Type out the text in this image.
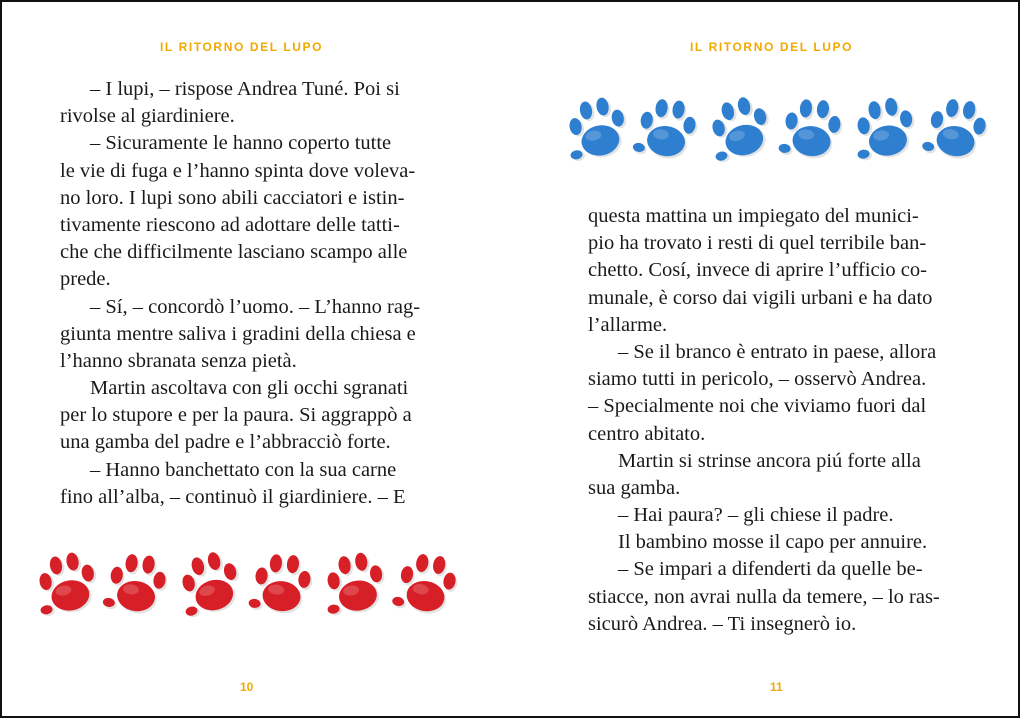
IL RITORNO DEL LUPO
– I lupi, – rispose Andrea Tuné. Poi si
rivolse al giardiniere.
– Sicuramente le hanno coperto tutte
le vie di fuga e l’hanno spinta dove voleva-
no loro. I lupi sono abili cacciatori e istin-
tivamente riescono ad adottare delle tatti-
che che difficilmente lasciano scampo alle
prede.
– Sí, – concordò l’uomo. – L’hanno rag-
giunta mentre saliva i gradini della chiesa e
l’hanno sbranata senza pietà.
Martin ascoltava con gli occhi sgranati
per lo stupore e per la paura. Si aggrappò a
una gamba del padre e l’abbracciò forte.
– Hanno banchettato con la sua carne
fino all’alba, – continuò il giardiniere. – E
10
IL RITORNO DEL LUPO
questa mattina un impiegato del munici-
pio ha trovato i resti di quel terribile ban-
chetto. Cosí, invece di aprire l’ufficio co-
munale, è corso dai vigili urbani e ha dato
l’allarme.
– Se il branco è entrato in paese, allora
siamo tutti in pericolo, – osservò Andrea.
– Specialmente noi che viviamo fuori dal
centro abitato.
Martin si strinse ancora piú forte alla
sua gamba.
– Hai paura? – gli chiese il padre.
Il bambino mosse il capo per annuire.
– Se impari a difenderti da quelle be-
stiacce, non avrai nulla da temere, – lo ras-
sicurò Andrea. – Ti insegnerò io.
11
